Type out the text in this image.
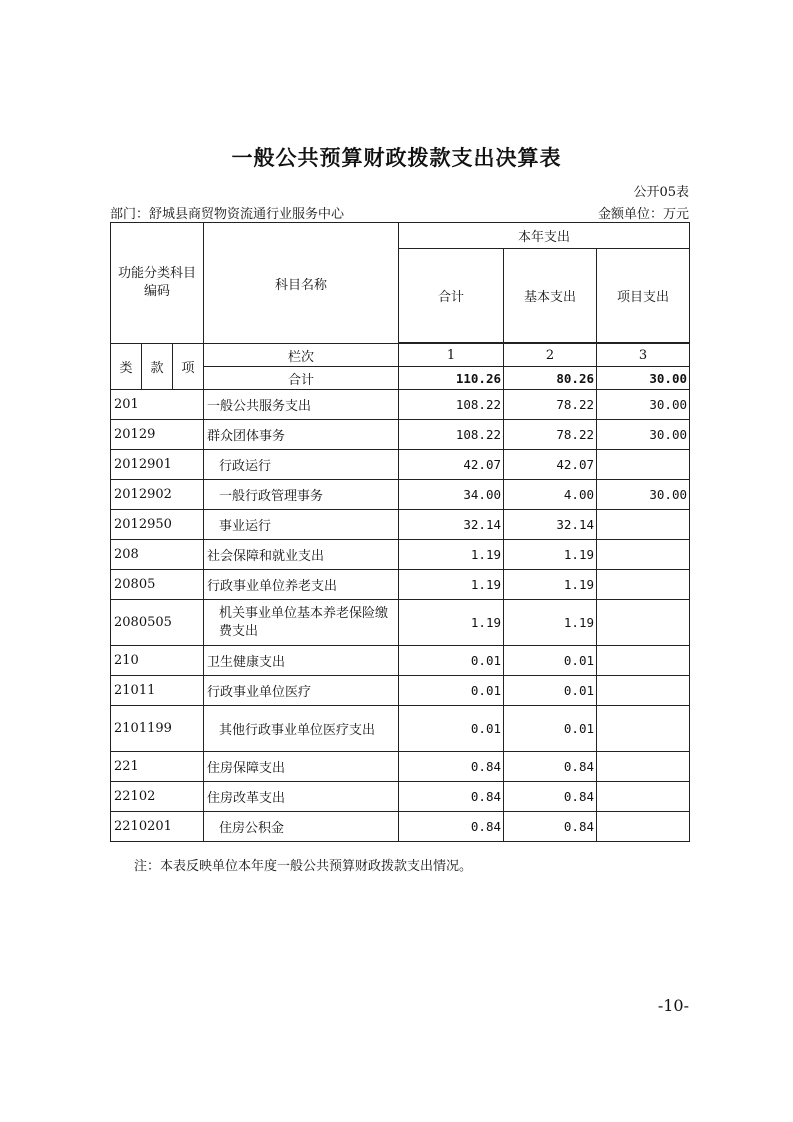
一般公共预算财政拨款支出决算表
公开05表
部门：舒城县商贸物资流通行业服务中心	金额单位：万元
功能分类科目编码			科目名称	本年支出		
				合计	基本支出	项目支出

类	款	项	栏次	1	2	3
			合计	110.26	80.26	30.00
201			一般公共服务支出	108.22	78.22	30.00
20129			群众团体事务	108.22	78.22	30.00
2012901			行政运行	42.07	42.07	
2012902			一般行政管理事务	34.00	4.00	30.00
2012950			事业运行	32.14	32.14	
208			社会保障和就业支出	1.19	1.19	
20805			行政事业单位养老支出	1.19	1.19	
2080505			机关事业单位基本养老保险缴费支出	1.19	1.19	
210			卫生健康支出	0.01	0.01	
21011			行政事业单位医疗	0.01	0.01	
2101199			其他行政事业单位医疗支出	0.01	0.01	
221			住房保障支出	0.84	0.84	
22102			住房改革支出	0.84	0.84	
2210201			住房公积金	0.84	0.84	
注：本表反映单位本年度一般公共预算财政拨款支出情况。
-10-
